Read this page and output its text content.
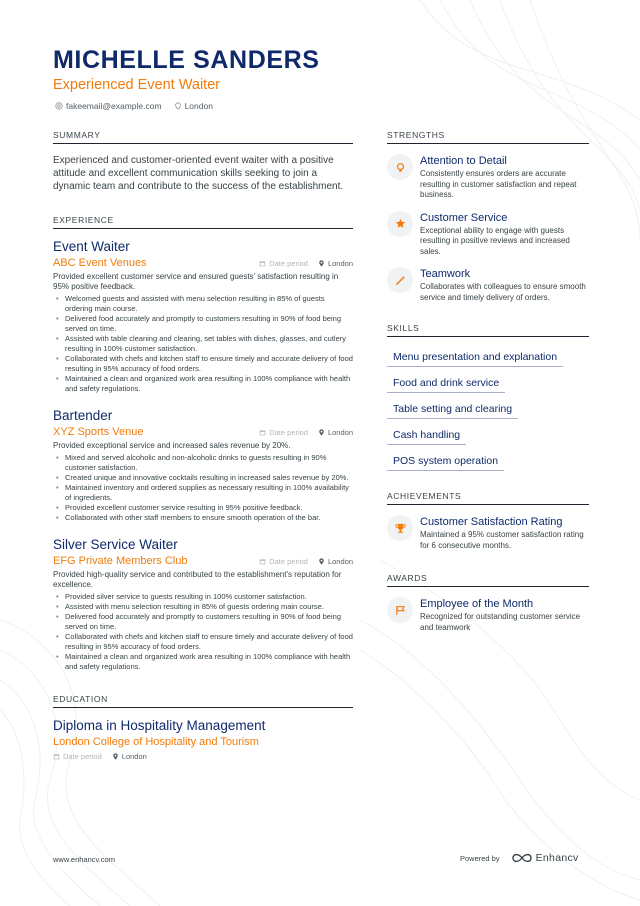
MICHELLE SANDERS
Experienced Event Waiter
fakeemail@example.com	London
SUMMARY
Experienced and customer-oriented event waiter with a positive attitude and excellent communication skills seeking to join a dynamic team and contribute to the success of the establishment.
EXPERIENCE
Event Waiter
ABC Event Venues	Date period	London
Provided excellent customer service and ensured guests' satisfaction resulting in 95% positive feedback.
• Welcomed guests and assisted with menu selection resulting in 85% of guests ordering main course.
• Delivered food accurately and promptly to customers resulting in 90% of food being served on time.
• Assisted with table cleaning and clearing, set tables with dishes, glasses, and cutlery resulting in 100% customer satisfaction.
• Collaborated with chefs and kitchen staff to ensure timely and accurate delivery of food resulting in 95% accuracy of food orders.
• Maintained a clean and organized work area resulting in 100% compliance with health and safety regulations.
Bartender
XYZ Sports Venue	Date period	London
Provided exceptional service and increased sales revenue by 20%.
• Mixed and served alcoholic and non-alcoholic drinks to guests resulting in 90% customer satisfaction.
• Created unique and innovative cocktails resulting in increased sales revenue by 20%.
• Maintained inventory and ordered supplies as necessary resulting in 100% availability of ingredients.
• Provided excellent customer service resulting in 95% positive feedback.
• Collaborated with other staff members to ensure smooth operation of the bar.
Silver Service Waiter
EFG Private Members Club	Date period	London
Provided high-quality service and contributed to the establishment's reputation for excellence.
• Provided silver service to guests resulting in 100% customer satisfaction.
• Assisted with menu selection resulting in 85% of guests ordering main course.
• Delivered food accurately and promptly to customers resulting in 90% of food being served on time.
• Collaborated with chefs and kitchen staff to ensure timely and accurate delivery of food resulting in 95% accuracy of food orders.
• Maintained a clean and organized work area resulting in 100% compliance with health and safety regulations.
EDUCATION
Diploma in Hospitality Management
London College of Hospitality and Tourism
Date period	London
STRENGTHS
Attention to Detail
Consistently ensures orders are accurate resulting in customer satisfaction and repeat business.
Customer Service
Exceptional ability to engage with guests resulting in positive reviews and increased sales.
Teamwork
Collaborates with colleagues to ensure smooth service and timely delivery of orders.
SKILLS
Menu presentation and explanation
Food and drink service
Table setting and clearing
Cash handling
POS system operation
ACHIEVEMENTS
Customer Satisfaction Rating
Maintained a 95% customer satisfaction rating for 6 consecutive months.
AWARDS
Employee of the Month
Recognized for outstanding customer service and teamwork
www.enhancv.com	Powered by	Enhancv
